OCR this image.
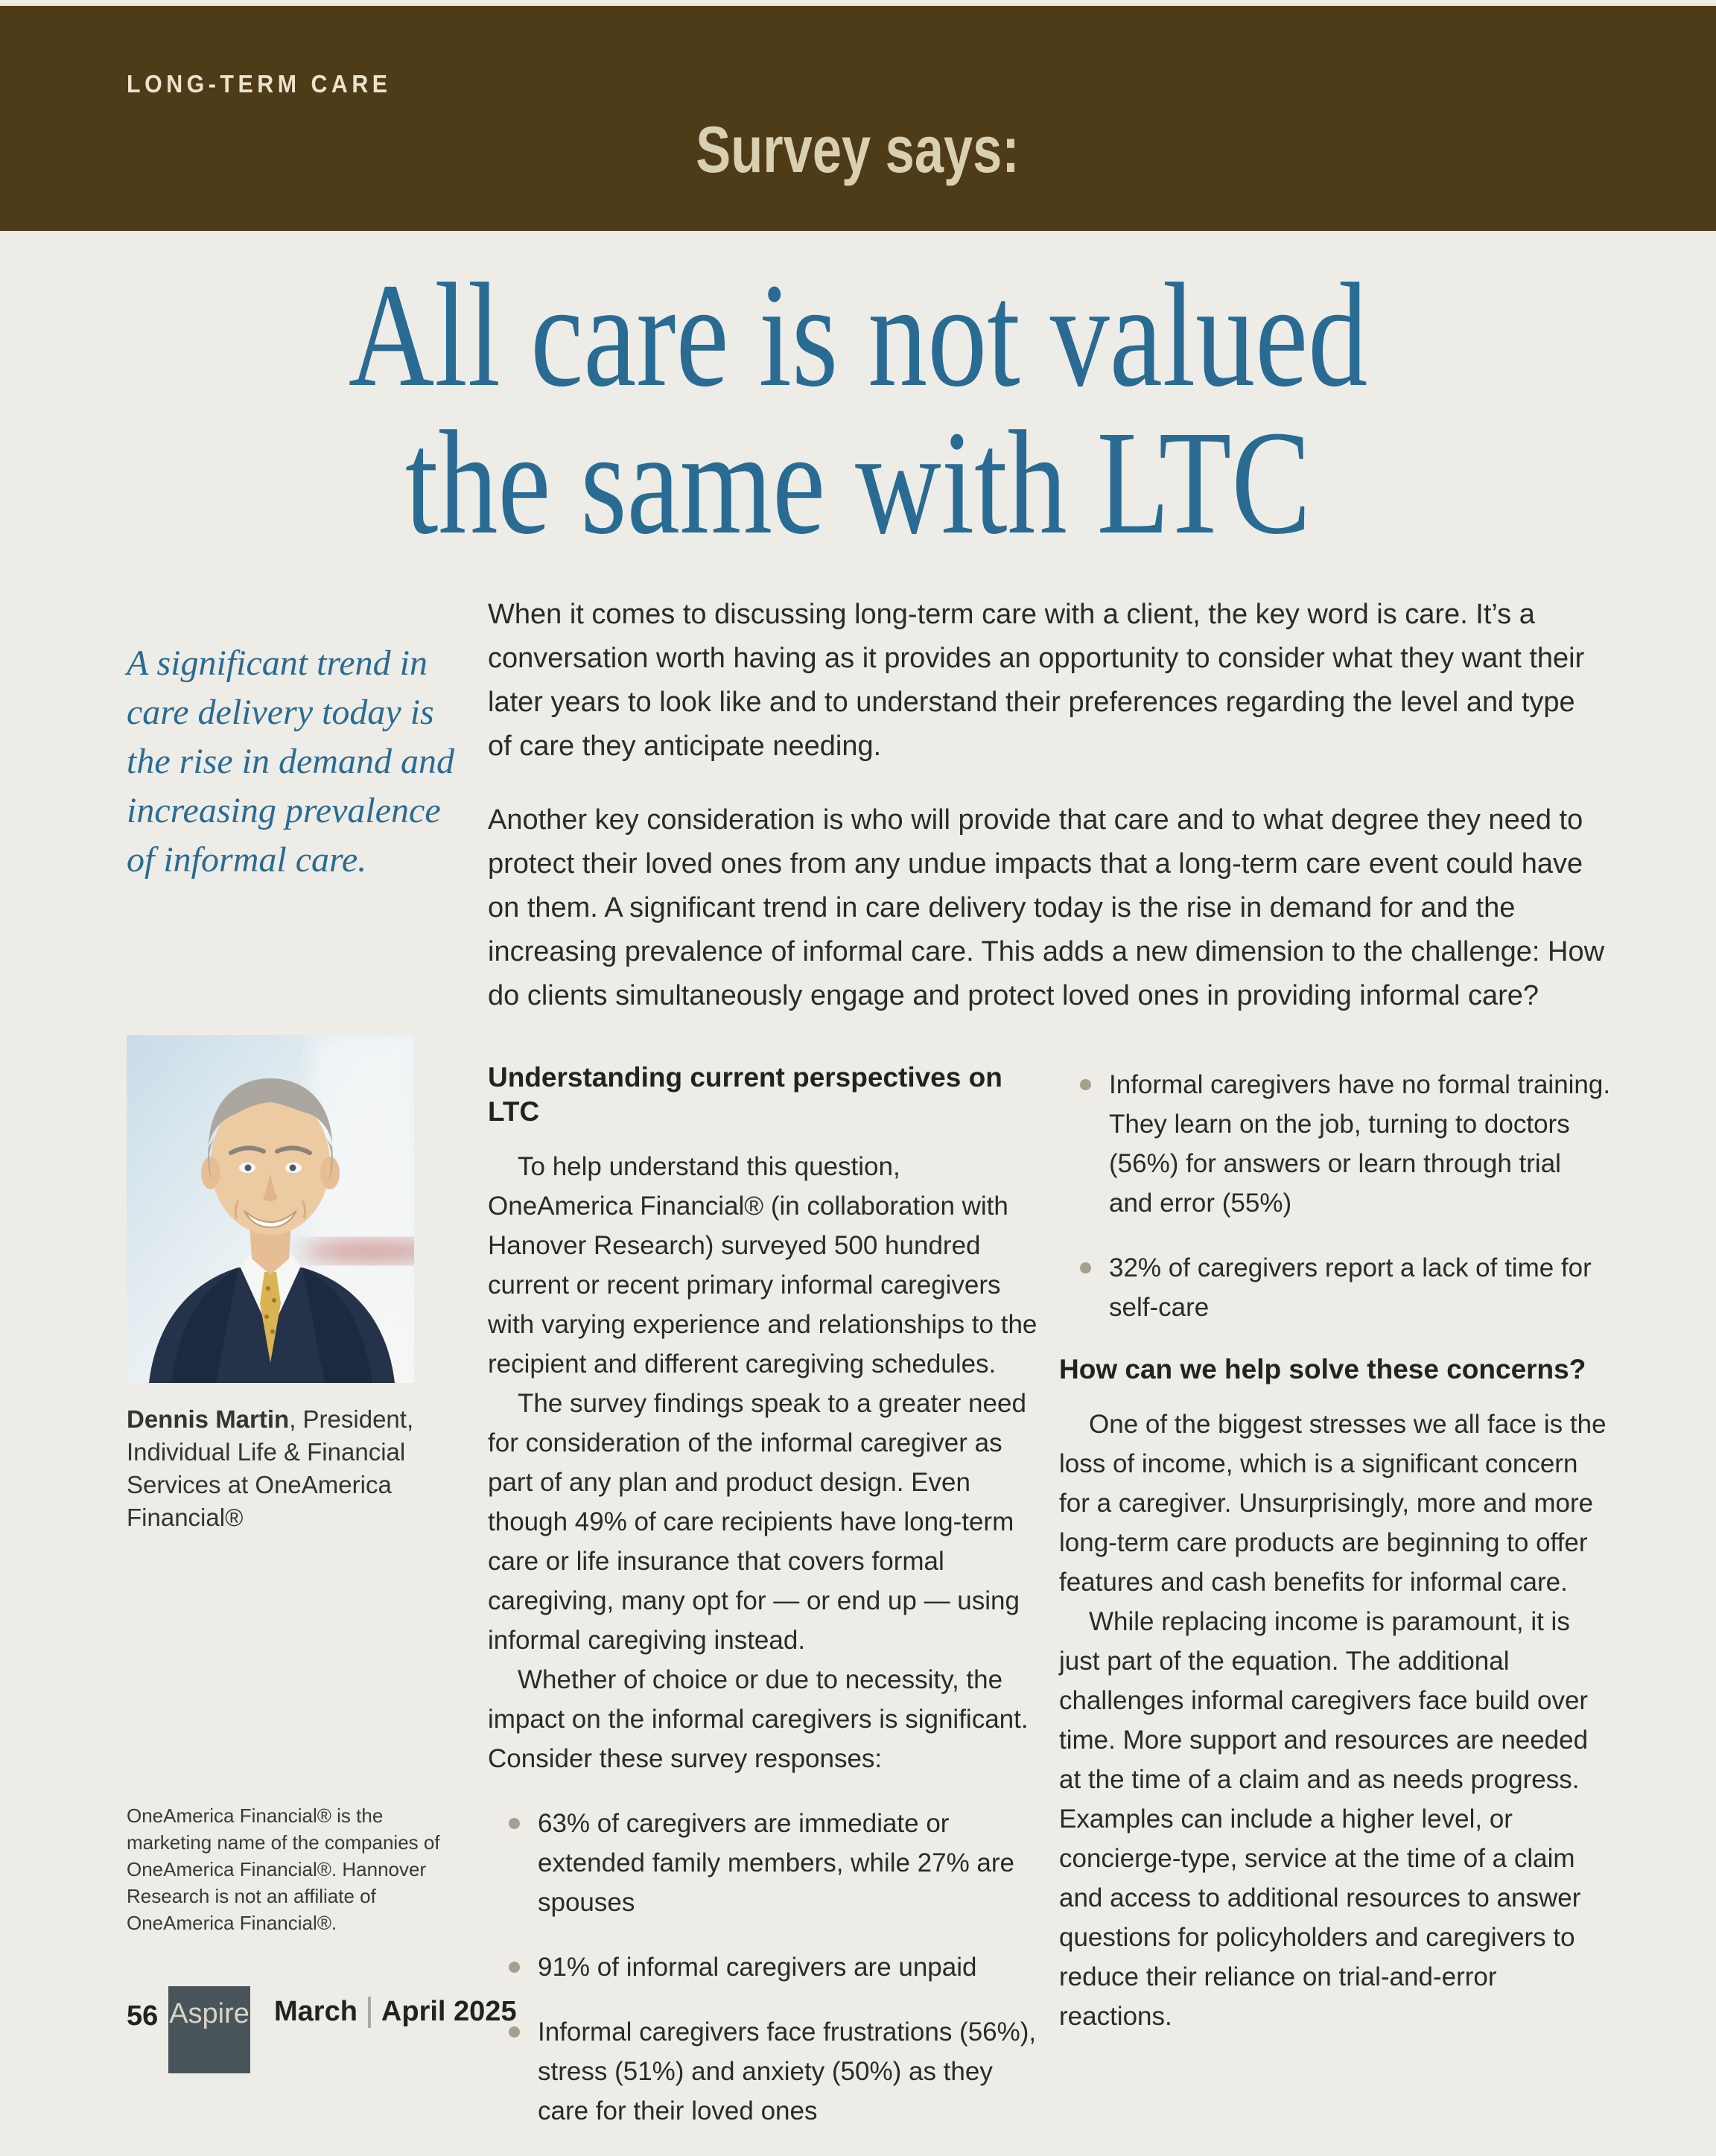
LONG-TERM CARE
Survey says:
All care is not valued
the same with LTC
A significant trend in care delivery today is the rise in demand and increasing prevalence of informal care.

When it comes to discussing long-term care with a client, the key word is care. It’s a conversation worth having as it provides an opportunity to consider what they want their later years to look like and to understand their preferences regarding the level and type of care they anticipate needing.

Another key consideration is who will provide that care and to what degree they need to protect their loved ones from any undue impacts that a long-term care event could have on them. A significant trend in care delivery today is the rise in demand for and the increasing prevalence of informal care. This adds a new dimension to the challenge: How do clients simultaneously engage and protect loved ones in providing informal care?

Dennis Martin, President, Individual Life & Financial Services at OneAmerica Financial®
OneAmerica Financial® is the marketing name of the companies of OneAmerica Financial®. Hannover Research is not an affiliate of OneAmerica Financial®.
Understanding current perspectives on LTC

To help understand this question, OneAmerica Financial® (in collaboration with Hanover Research) surveyed 500 hundred current or recent primary informal caregivers with varying experience and relationships to the recipient and different caregiving schedules.

The survey findings speak to a greater need for consideration of the informal caregiver as part of any plan and product design. Even though 49% of care recipients have long-term care or life insurance that covers formal caregiving, many opt for — or end up — using informal caregiving instead.

Whether of choice or due to necessity, the impact on the informal caregivers is significant. Consider these survey responses:

63% of caregivers are immediate or extended family members, while 27% are spouses
91% of informal caregivers are unpaid
Informal caregivers face frustrations (56%), stress (51%) and anxiety (50%) as they care for their loved ones
Informal caregivers have no formal training. They learn on the job, turning to doctors (56%) for answers or learn through trial and error (55%)
32% of caregivers report a lack of time for self-care
How can we help solve these concerns?

One of the biggest stresses we all face is the loss of income, which is a significant concern for a caregiver. Unsurprisingly, more and more long-term care products are beginning to offer features and cash benefits for informal care.

While replacing income is paramount, it is just part of the equation. The additional challenges informal caregivers face build over time. More support and resources are needed at the time of a claim and as needs progress. Examples can include a higher level, or concierge-type, service at the time of a claim and access to additional resources to answer questions for policyholders and caregivers to reduce their reliance on trial-and-error reactions.

56 Aspire March April 2025
